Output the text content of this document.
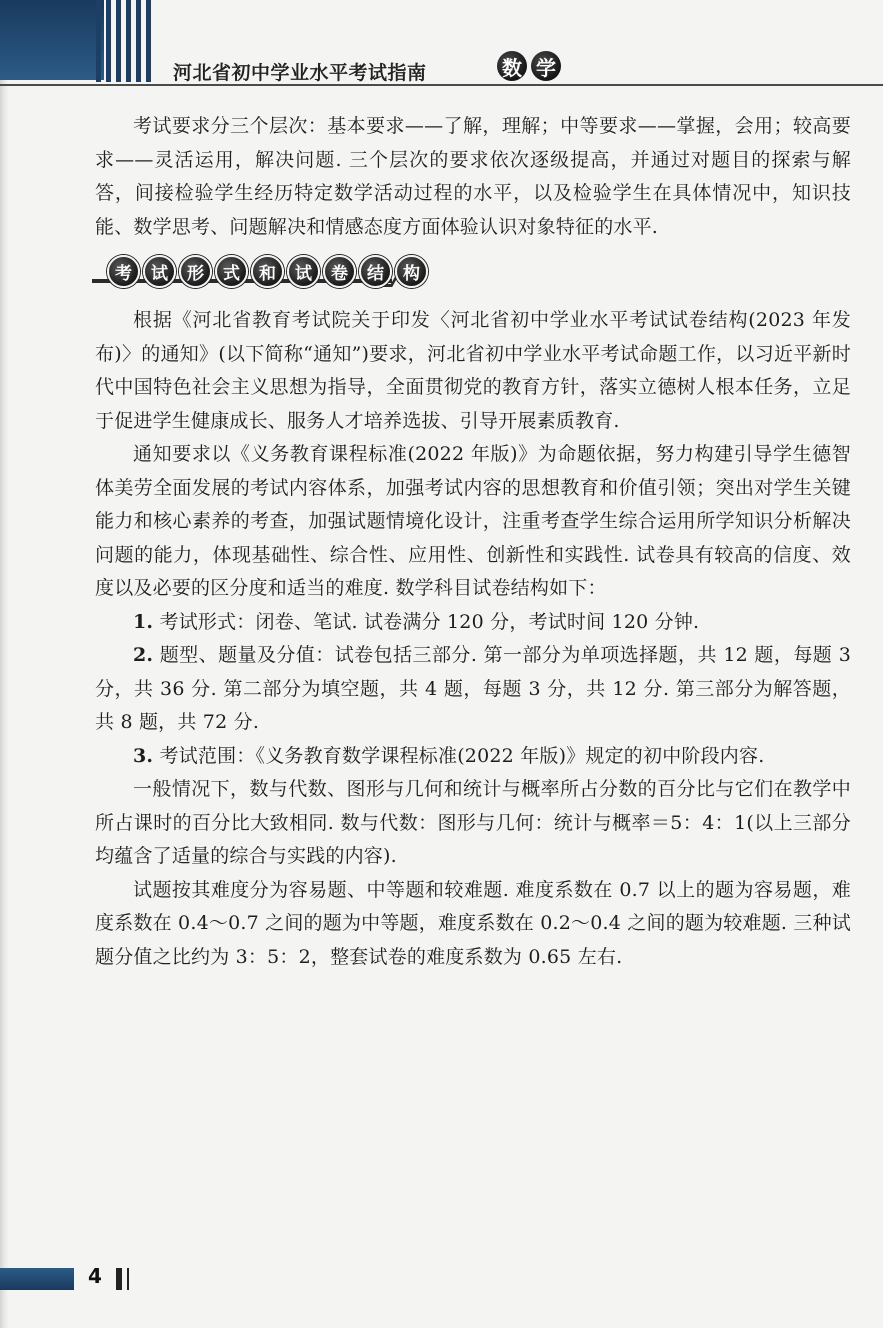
河北省初中学业水平考试指南	数 学

考试要求分三个层次：基本要求——了解，理解；中等要求——掌握，会用；较高要求——灵活运用，解决问题. 三个层次的要求依次逐级提高，并通过对题目的探索与解答，间接检验学生经历特定数学活动过程的水平，以及检验学生在具体情况中，知识技能、数学思考、问题解决和情感态度方面体验认识对象特征的水平.

考	试	形	式	和	试	卷	结	构

根据《河北省教育考试院关于印发〈河北省初中学业水平考试试卷结构(2023 年发布)〉的通知》(以下简称“通知”)要求，河北省初中学业水平考试命题工作，以习近平新时代中国特色社会主义思想为指导，全面贯彻党的教育方针，落实立德树人根本任务，立足于促进学生健康成长、服务人才培养选拔、引导开展素质教育.

通知要求以《义务教育课程标准(2022 年版)》为命题依据，努力构建引导学生德智体美劳全面发展的考试内容体系，加强考试内容的思想教育和价值引领；突出对学生关键能力和核心素养的考查，加强试题情境化设计，注重考查学生综合运用所学知识分析解决问题的能力，体现基础性、综合性、应用性、创新性和实践性. 试卷具有较高的信度、效度以及必要的区分度和适当的难度. 数学科目试卷结构如下：

1. 考试形式：闭卷、笔试. 试卷满分 120 分，考试时间 120 分钟.

2. 题型、题量及分值：试卷包括三部分. 第一部分为单项选择题，共 12 题，每题 3 分，共 36 分. 第二部分为填空题，共 4 题，每题 3 分，共 12 分. 第三部分为解答题，共 8 题，共 72 分.

3. 考试范围：《义务教育数学课程标准(2022 年版)》规定的初中阶段内容.

一般情况下，数与代数、图形与几何和统计与概率所占分数的百分比与它们在教学中所占课时的百分比大致相同. 数与代数：图形与几何：统计与概率＝5：4：1(以上三部分均蕴含了适量的综合与实践的内容).

试题按其难度分为容易题、中等题和较难题. 难度系数在 0.7 以上的题为容易题，难度系数在 0.4～0.7 之间的题为中等题，难度系数在 0.2～0.4 之间的题为较难题. 三种试题分值之比约为 3：5：2，整套试卷的难度系数为 0.65 左右.

4
